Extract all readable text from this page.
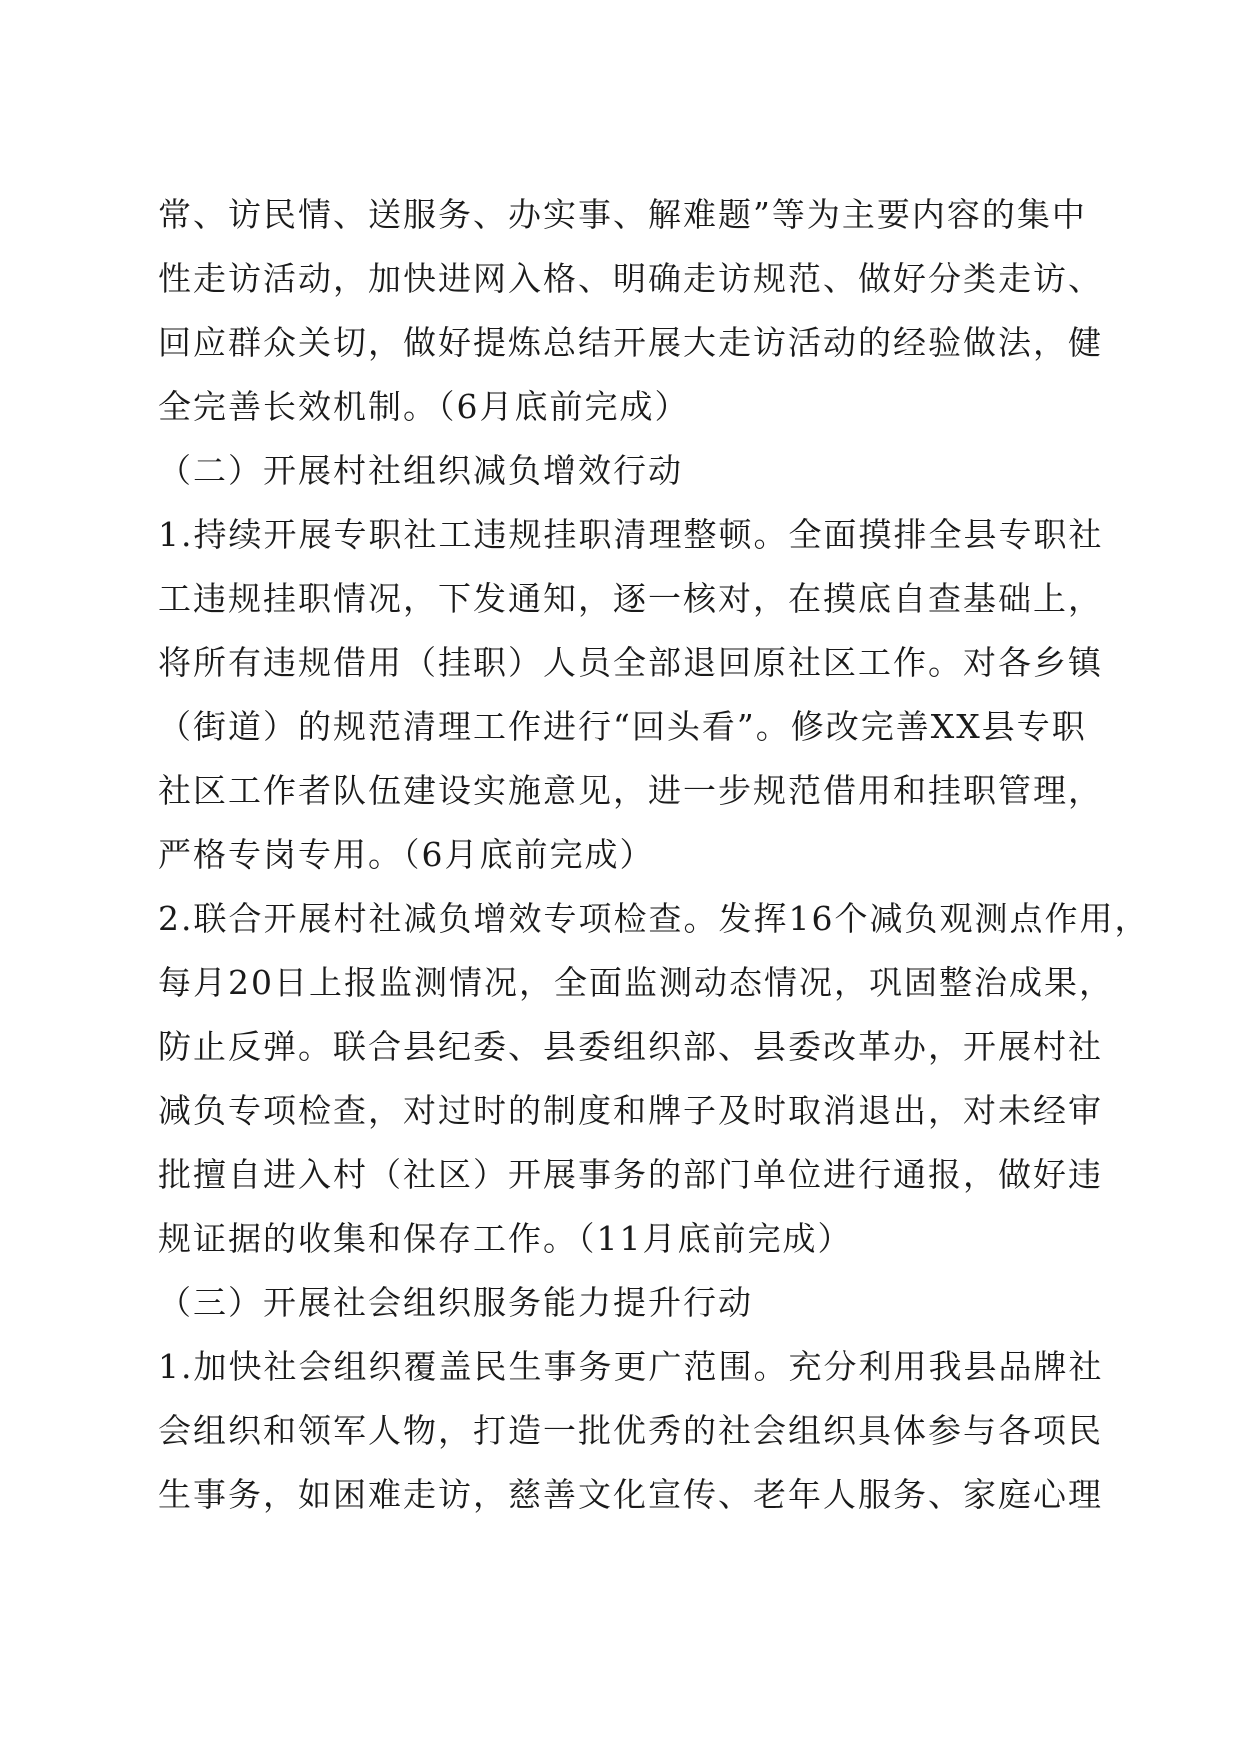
常、访民情、送服务、办实事、解难题”等为主要内容的集中
性走访活动，加快进网入格、明确走访规范、做好分类走访、
回应群众关切，做好提炼总结开展大走访活动的经验做法，健
全完善长效机制。（6月底前完成）
（二）开展村社组织减负增效行动
1.持续开展专职社工违规挂职清理整顿。全面摸排全县专职社
工违规挂职情况，下发通知，逐一核对，在摸底自查基础上，
将所有违规借用（挂职）人员全部退回原社区工作。对各乡镇
（街道）的规范清理工作进行“回头看”。修改完善XX县专职
社区工作者队伍建设实施意见，进一步规范借用和挂职管理，
严格专岗专用。（6月底前完成）
2.联合开展村社减负增效专项检查。发挥16个减负观测点作用，
每月20日上报监测情况，全面监测动态情况，巩固整治成果，
防止反弹。联合县纪委、县委组织部、县委改革办，开展村社
减负专项检查，对过时的制度和牌子及时取消退出，对未经审
批擅自进入村（社区）开展事务的部门单位进行通报，做好违
规证据的收集和保存工作。（11月底前完成）
（三）开展社会组织服务能力提升行动
1.加快社会组织覆盖民生事务更广范围。充分利用我县品牌社
会组织和领军人物，打造一批优秀的社会组织具体参与各项民
生事务，如困难走访，慈善文化宣传、老年人服务、家庭心理
